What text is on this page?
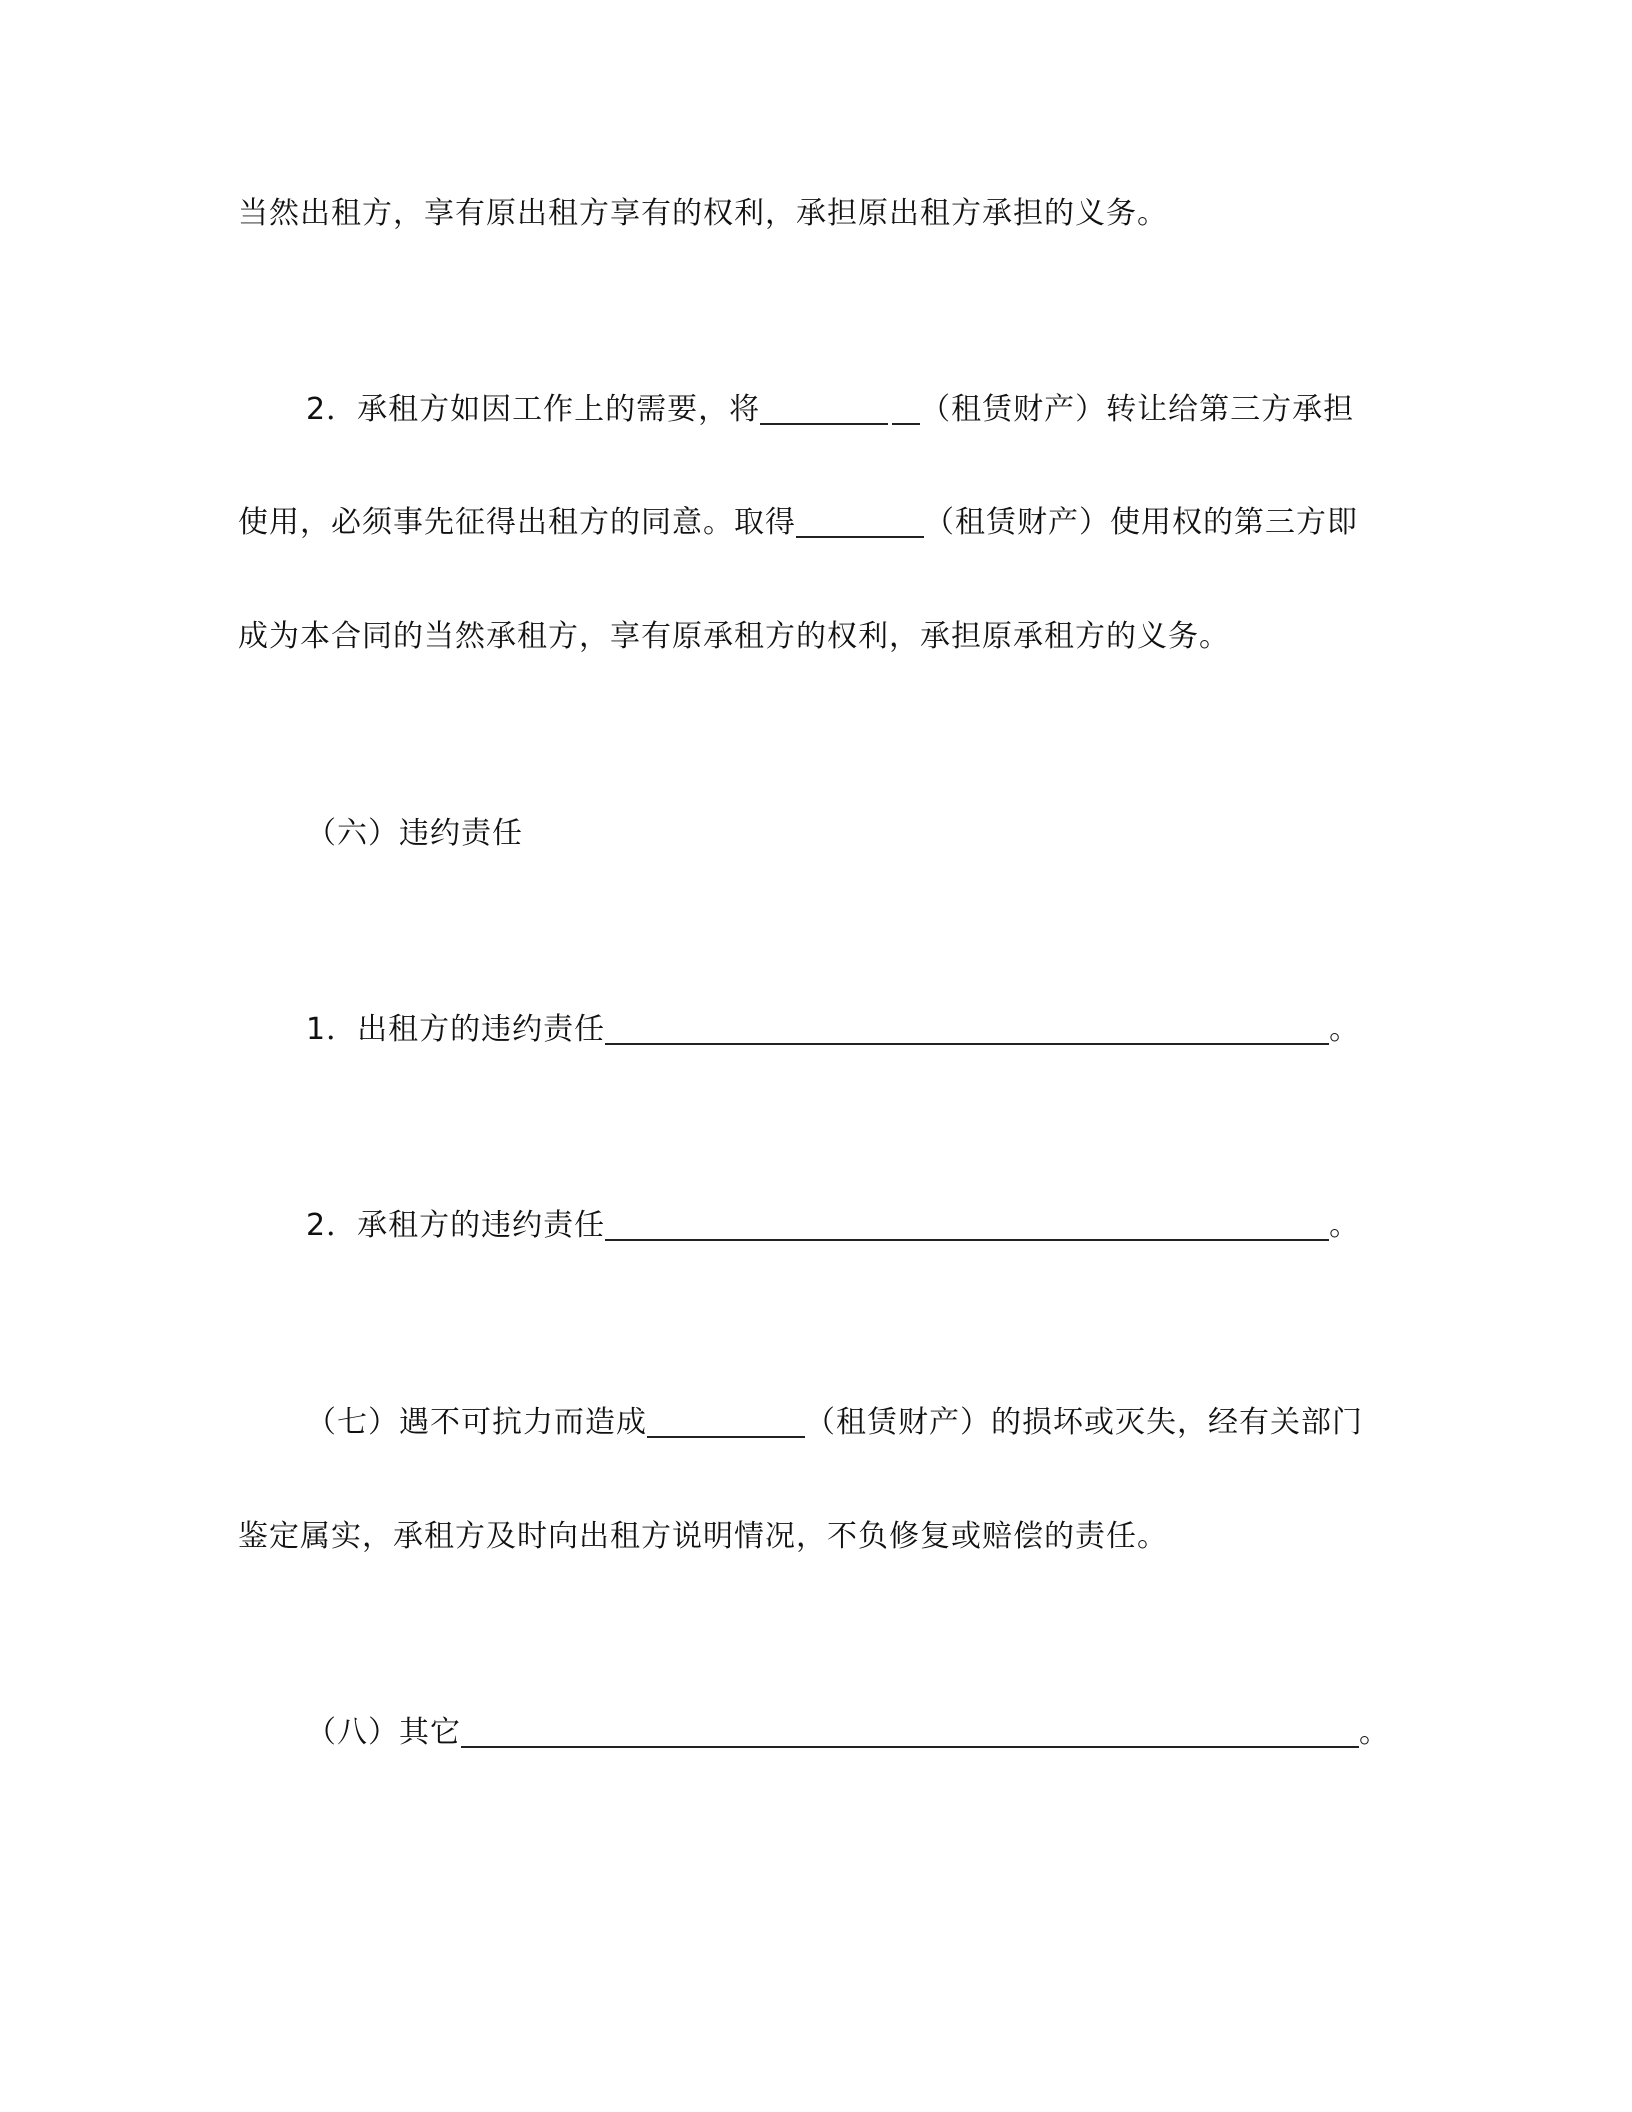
当然出租方，享有原出租方享有的权利，承担原出租方承担的义务。
2．承租方如因工作上的需要，将	（租赁财产）转让给第三方承担
使用，必须事先征得出租方的同意。取得	（租赁财产）使用权的第三方即
成为本合同的当然承租方，享有原承租方的权利，承担原承租方的义务。
（六）违约责任
1．出租方的违约责任	。
2．承租方的违约责任	。
（七）遇不可抗力而造成	（租赁财产）的损坏或灭失，经有关部门
鉴定属实，承租方及时向出租方说明情况，不负修复或赔偿的责任。
（八）其它	。
